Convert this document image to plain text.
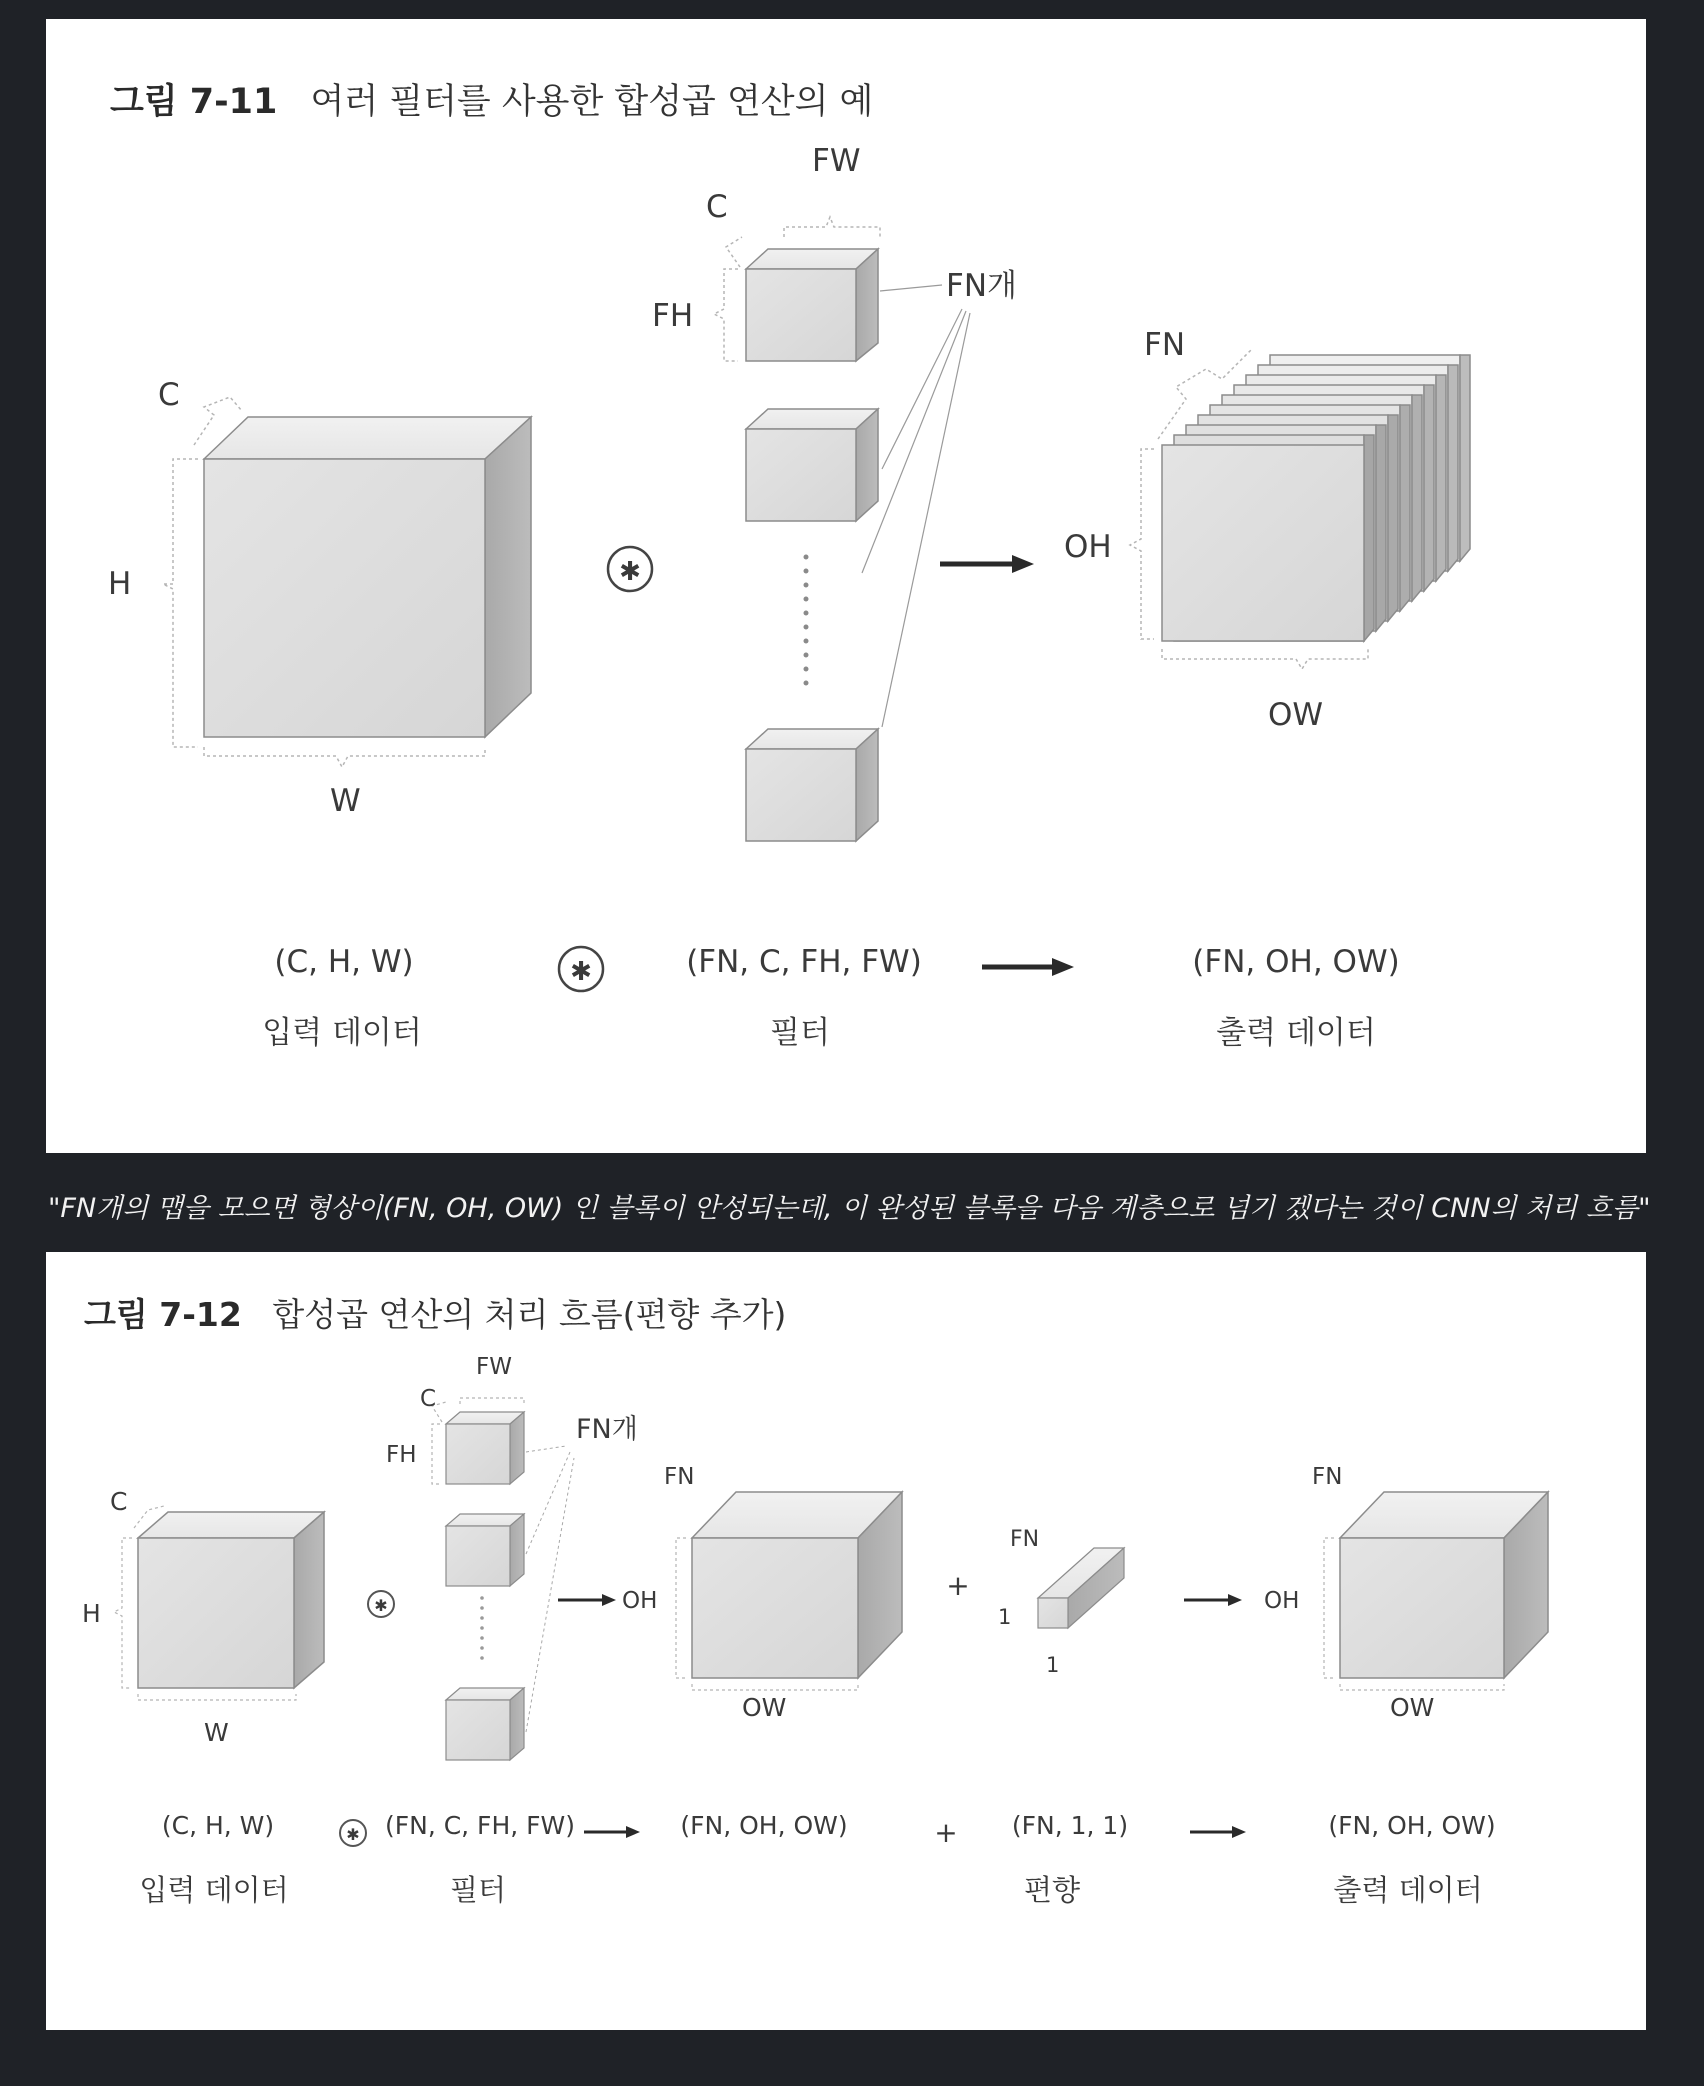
그림 7-11 여러 필터를 사용한 합성곱 연산의 예
C
H
W
✱
FW
C
FH
FN개
FN
OH
OW
(C, H, W)
입력 데이터
✱	(FN, C, FH, FW)
필터
(FN, OH, OW)
출력 데이터
"FN개의 맵을 모으면 형상이(FN, OH, OW) 인 블록이 안성되는데, 이 완성된 블록을 다음 계층으로 넘기 겠다는 것이 CNN의 처리 흐름"
그림 7-12 합성곱 연산의 처리 흐름(편향 추가)
C
H
W
✱
FW
C
FH
FN개
FN
OH
OW
+
FN
1
1
FN
OH
OW
(C, H, W)
입력 데이터
✱ (FN, C, FH, FW)
필터
(FN, OH, OW)	+ (FN, 1, 1)
편향
(FN, OH, OW)
출력 데이터
